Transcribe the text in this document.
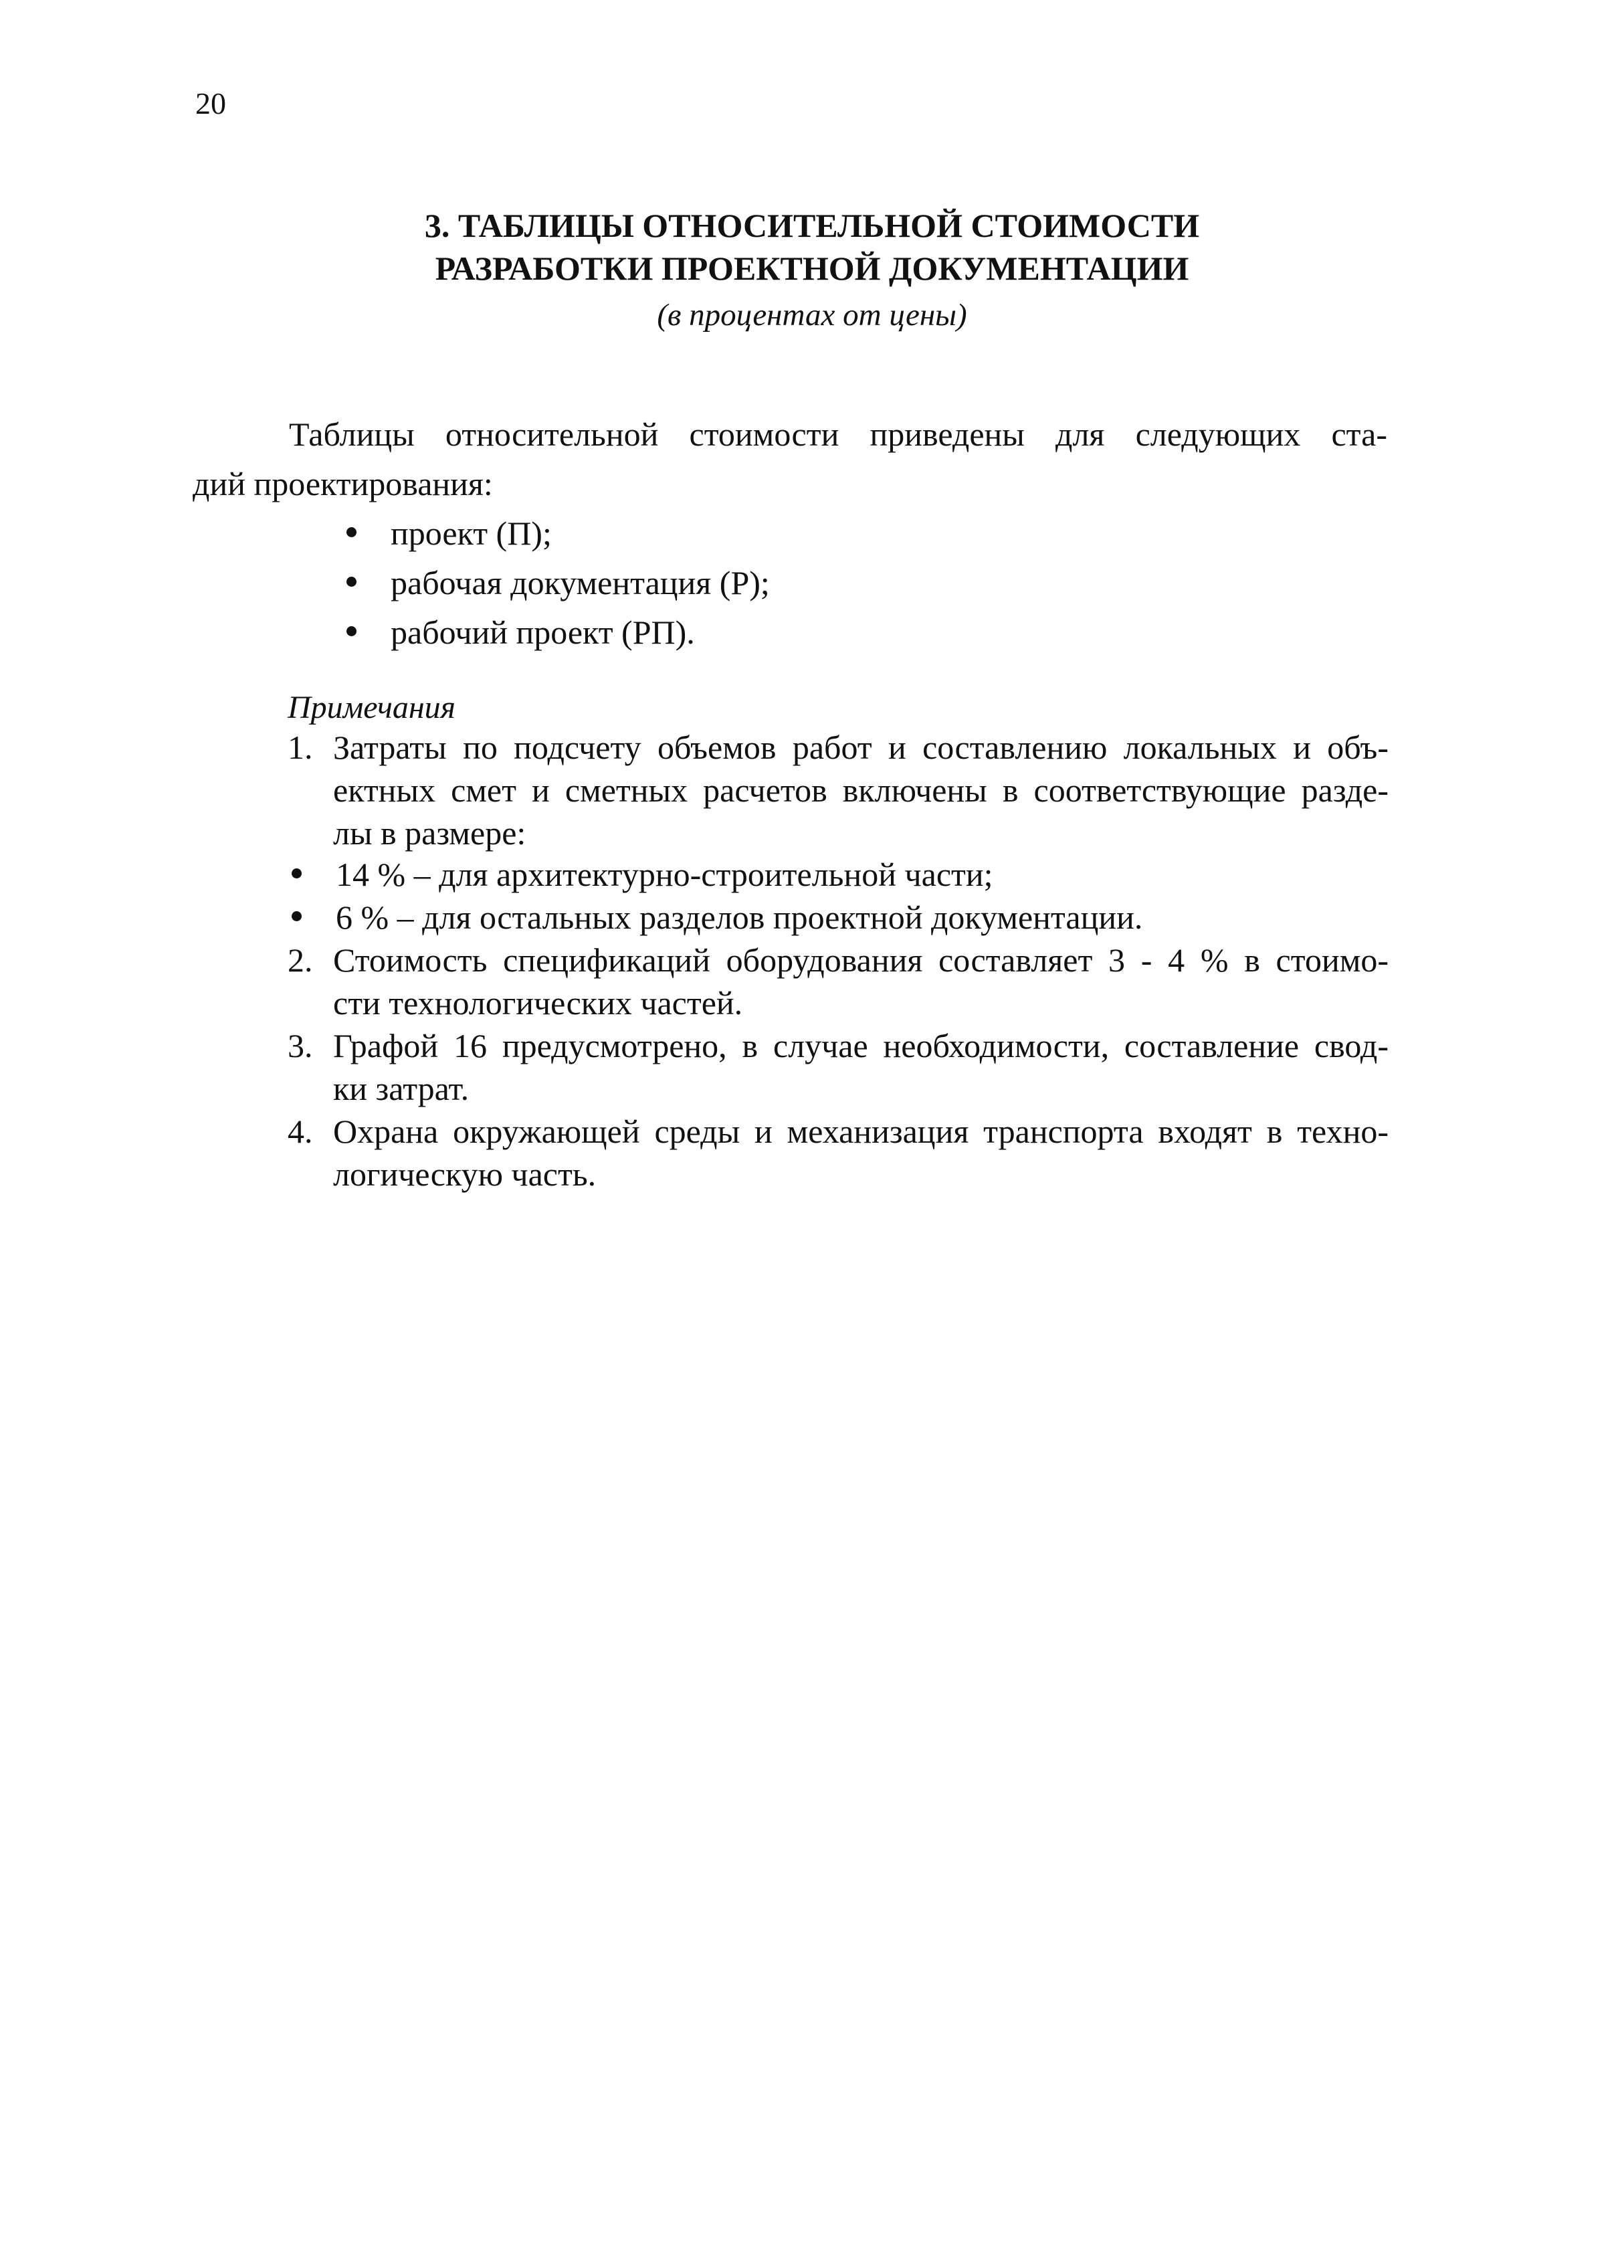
20
3. ТАБЛИЦЫ ОТНОСИТЕЛЬНОЙ СТОИМОСТИ
РАЗРАБОТКИ ПРОЕКТНОЙ ДОКУМЕНТАЦИИ
(в процентах от цены)
Таблицы относительной стоимости приведены для следующих ста-
дий проектирования:
проект (П);
рабочая документация (Р);
рабочий проект (РП).
Примечания
1. Затраты по подсчету объемов работ и составлению локальных и объ-
ектных смет и сметных расчетов включены в соответствующие разде-
лы в размере:
14 % – для архитектурно-строительной части;
6 % – для остальных разделов проектной документации.
2. Стоимость спецификаций оборудования составляет 3 - 4 % в стоимо-
сти технологических частей.
3. Графой 16 предусмотрено, в случае необходимости, составление свод-
ки затрат.
4. Охрана окружающей среды и механизация транспорта входят в техно-
логическую часть.
